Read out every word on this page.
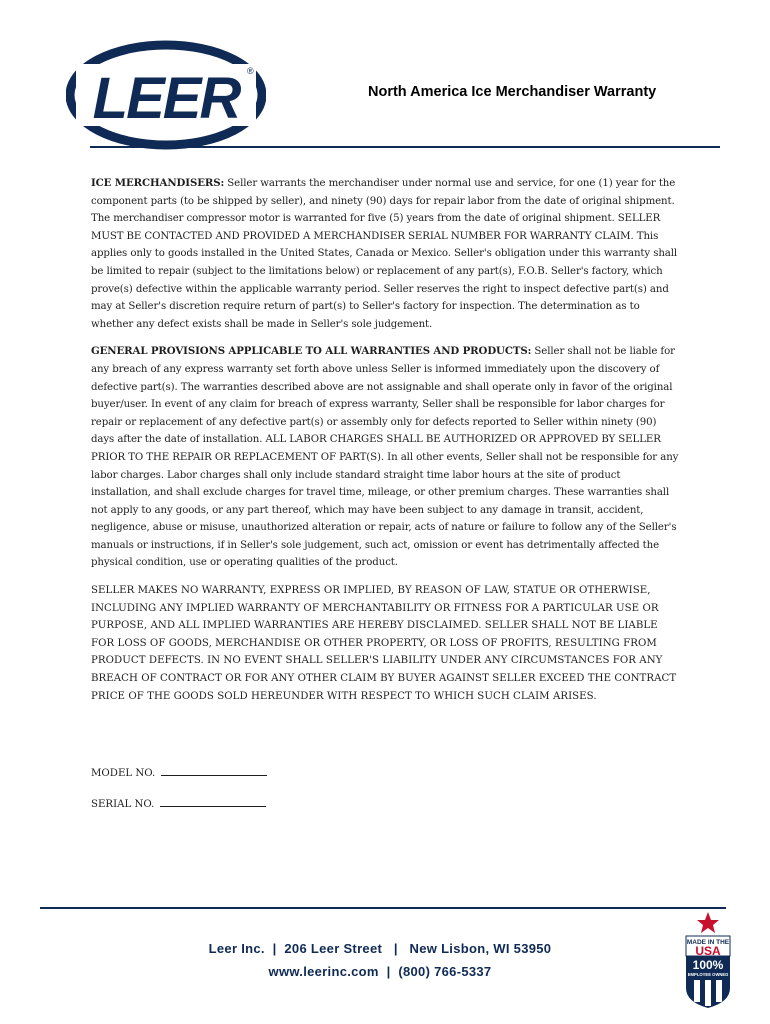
LEER ®
North America Ice Merchandiser Warranty

ICE MERCHANDISERS: Seller warrants the merchandiser under normal use and service, for one (1) year for the component parts (to be shipped by seller), and ninety (90) days for repair labor from the date of original shipment. The merchandiser compressor motor is warranted for five (5) years from the date of original shipment. SELLER MUST BE CONTACTED AND PROVIDED A MERCHANDISER SERIAL NUMBER FOR WARRANTY CLAIM. This applies only to goods installed in the United States, Canada or Mexico. Seller's obligation under this warranty shall be limited to repair (subject to the limitations below) or replacement of any part(s), F.O.B. Seller's factory, which prove(s) defective within the applicable warranty period. Seller reserves the right to inspect defective part(s) and may at Seller's discretion require return of part(s) to Seller's factory for inspection. The determination as to whether any defect exists shall be made in Seller's sole judgement.

GENERAL PROVISIONS APPLICABLE TO ALL WARRANTIES AND PRODUCTS: Seller shall not be liable for any breach of any express warranty set forth above unless Seller is informed immediately upon the discovery of defective part(s). The warranties described above are not assignable and shall operate only in favor of the original buyer/user. In event of any claim for breach of express warranty, Seller shall be responsible for labor charges for repair or replacement of any defective part(s) or assembly only for defects reported to Seller within ninety (90) days after the date of installation. ALL LABOR CHARGES SHALL BE AUTHORIZED OR APPROVED BY SELLER PRIOR TO THE REPAIR OR REPLACEMENT OF PART(S). In all other events, Seller shall not be responsible for any labor charges. Labor charges shall only include standard straight time labor hours at the site of product installation, and shall exclude charges for travel time, mileage, or other premium charges. These warranties shall not apply to any goods, or any part thereof, which may have been subject to any damage in transit, accident, negligence, abuse or misuse, unauthorized alteration or repair, acts of nature or failure to follow any of the Seller's manuals or instructions, if in Seller's sole judgement, such act, omission or event has detrimentally affected the physical condition, use or operating qualities of the product.

SELLER MAKES NO WARRANTY, EXPRESS OR IMPLIED, BY REASON OF LAW, STATUE OR OTHERWISE, INCLUDING ANY IMPLIED WARRANTY OF MERCHANTABILITY OR FITNESS FOR A PARTICULAR USE OR PURPOSE, AND ALL IMPLIED WARRANTIES ARE HEREBY DISCLAIMED. SELLER SHALL NOT BE LIABLE FOR LOSS OF GOODS, MERCHANDISE OR OTHER PROPERTY, OR LOSS OF PROFITS, RESULTING FROM PRODUCT DEFECTS. IN NO EVENT SHALL SELLER'S LIABILITY UNDER ANY CIRCUMSTANCES FOR ANY BREACH OF CONTRACT OR FOR ANY OTHER CLAIM BY BUYER AGAINST SELLER EXCEED THE CONTRACT PRICE OF THE GOODS SOLD HEREUNDER WITH RESPECT TO WHICH SUCH CLAIM ARISES.

MODEL NO.
SERIAL NO.
Leer Inc.  |  206 Leer Street   |   New Lisbon, WI 53950
www.leerinc.com  |  (800) 766-5337
MADE IN THE
USA
100%
EMPLOYEE OWNED
